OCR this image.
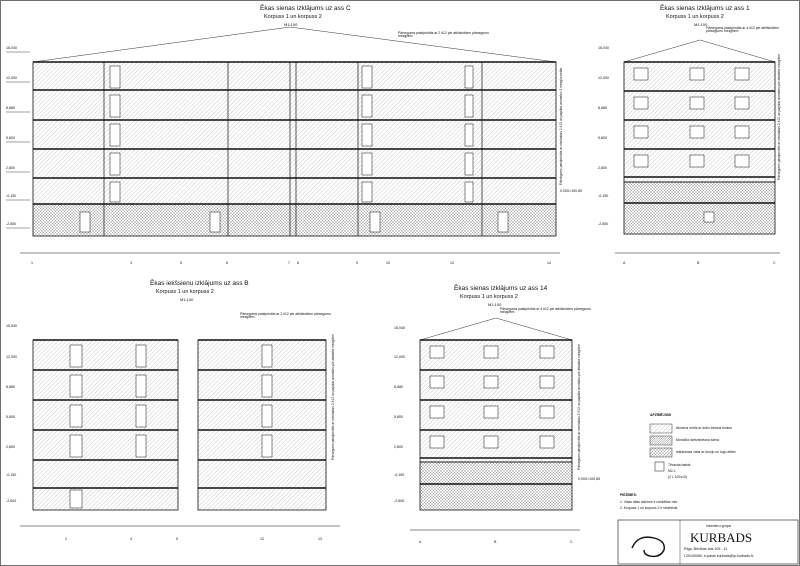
Ēkas sienas izklājums uz ass C
Korpuss 1 un korpuss 2
M1:100
16,040
12,000
8,880
5,800
2,800
-0,150
-2,600
Pārsegums pastiprināts ar 2 #12 pie atbilstošiem pārsegumu mezgliem
Pārsegums pastiprināts ar vienlaidus 2 #12 un papildu armatūru 3 mezglu vietās
0,000=100,85
1	3	5	6	7 8	9	10	12	14
Ēkas sienas izklājums uz ass 1
Korpuss 1 un korpuss 2
M1:100
16,040
12,000
8,880
5,800
2,800
-0,150
-2,600
Pārsegums pastiprināts ar 4 #12 pie atbilstošiem pārsegumu mezgliem
Pārsegums pastiprināts ar vienlaidus 2 #12 un papildu armatūru pie atbalsta mezgliem
A	B	C
Ēkas iekšsienu izklājums uz ass B
Korpuss 1 un korpuss 2
M1:100
15,540
12,000
8,880
5,800
2,800
-0,150
-2,600
Pārsegums pastiprināts ar 2 #12 pie atbilstošiem pārsegumu mezgliem
Pārsegums pastiprināts ar vienlaidus 2 #12 un papildu armatūru pie atbalsta mezgliem
2	4	5	12	13
Ēkas sienas izklājums uz ass 14
Korpuss 1 un korpuss 2
M1:100
16,040
12,000
8,880
5,800
2,800
-0,150
-2,600
Pārsegums pastiprināts ar 4 #12 pie atbilstošiem pārsegumu mezgliem
Pārsegums pastiprināts ar vienlaidus 2 #12 un papildu armatūru pie atbalsta mezgliem
0,000=100,85
A	B	C
APZĪMĒJUMI
Akmens mūris ar dobu betona blokus
Monolīta dzelzsbetona siena
Ieklašanas vieta ar durvju un logu ailām
Tērauda balsts
M2-1
(2 L 100x10)
PIEZĪMES:
1. Visas ailas atzīmes ir norādītas mm.
2. Korpuss 1 un korpuss 2 ir simetriski.
inženieru grupa
KURBADS
Rīga, Brīvības iela 109 - 11
t.29100080, e-pasts kurbads@ip.kurbads.lv
